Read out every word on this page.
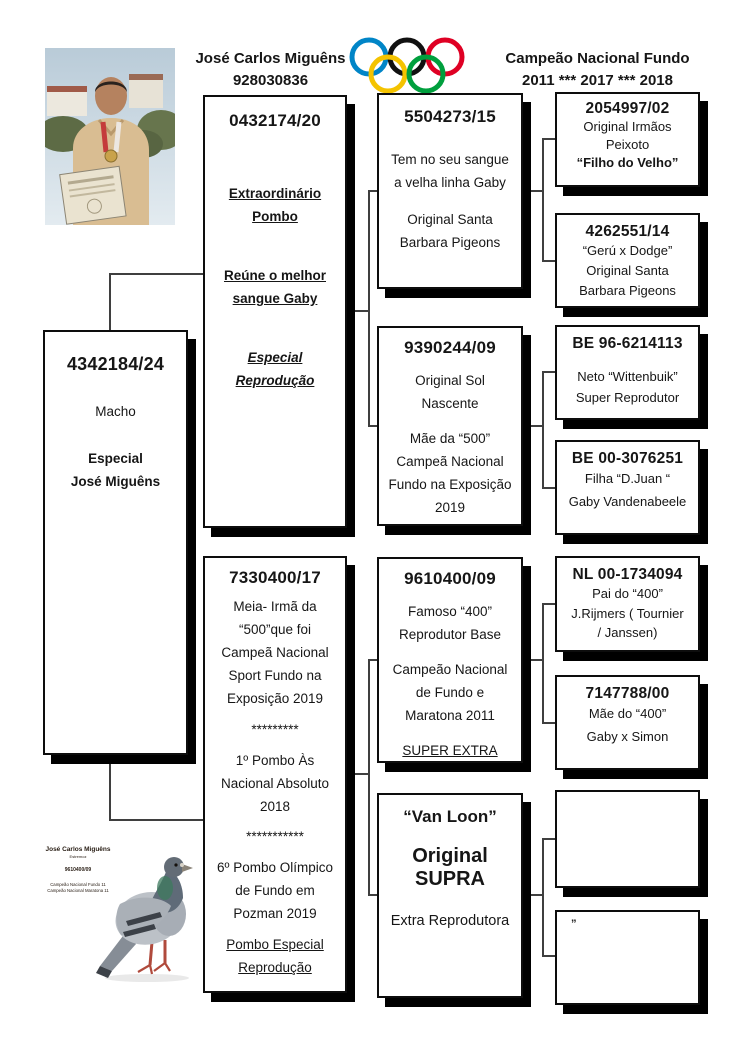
José Carlos Miguêns
928030836
Campeão Nacional Fundo
2011 *** 2017 *** 2018
4342184/24
Macho
Especial
José Miguêns
0432174/20
Extraordinário
Pombo
Reúne o melhor
sangue Gaby
Especial
Reprodução
7330400/17
Meia- Irmã da
“500”que foi
Campeã Nacional
Sport Fundo na
Exposição 2019
*********
1º Pombo Às
Nacional Absoluto
2018
***********
6º Pombo Olímpico
de Fundo em
Pozman 2019
Pombo Especial
Reprodução
5504273/15
Tem no seu sangue
a velha linha Gaby
Original Santa
Barbara Pigeons
9390244/09
Original Sol
Nascente
Mãe da “500”
Campeã Nacional
Fundo na Exposição
2019
9610400/09
Famoso “400”
Reprodutor Base
Campeão Nacional
de Fundo e
Maratona 2011
SUPER EXTRA
“Van Loon”
Original SUPRA
Extra Reprodutora
2054997/02
Original Irmãos
Peixoto
“Filho do Velho”
4262551/14
“Gerú x Dodge”
Original Santa
Barbara Pigeons
BE 96-6214113
Neto “Wittenbuik”
Super Reprodutor
BE 00-3076251
Filha “D.Juan “
Gaby Vandenabeele
NL 00-1734094
Pai do “400”
J.Rijmers ( Tournier
/ Janssen)
7147788/00
Mãe do “400”
Gaby x Simon
”
José Carlos Miguêns
Estremoz
9610400/09
Campeão Nacional Fundo 11
Campeão Nacional Maratona 11
